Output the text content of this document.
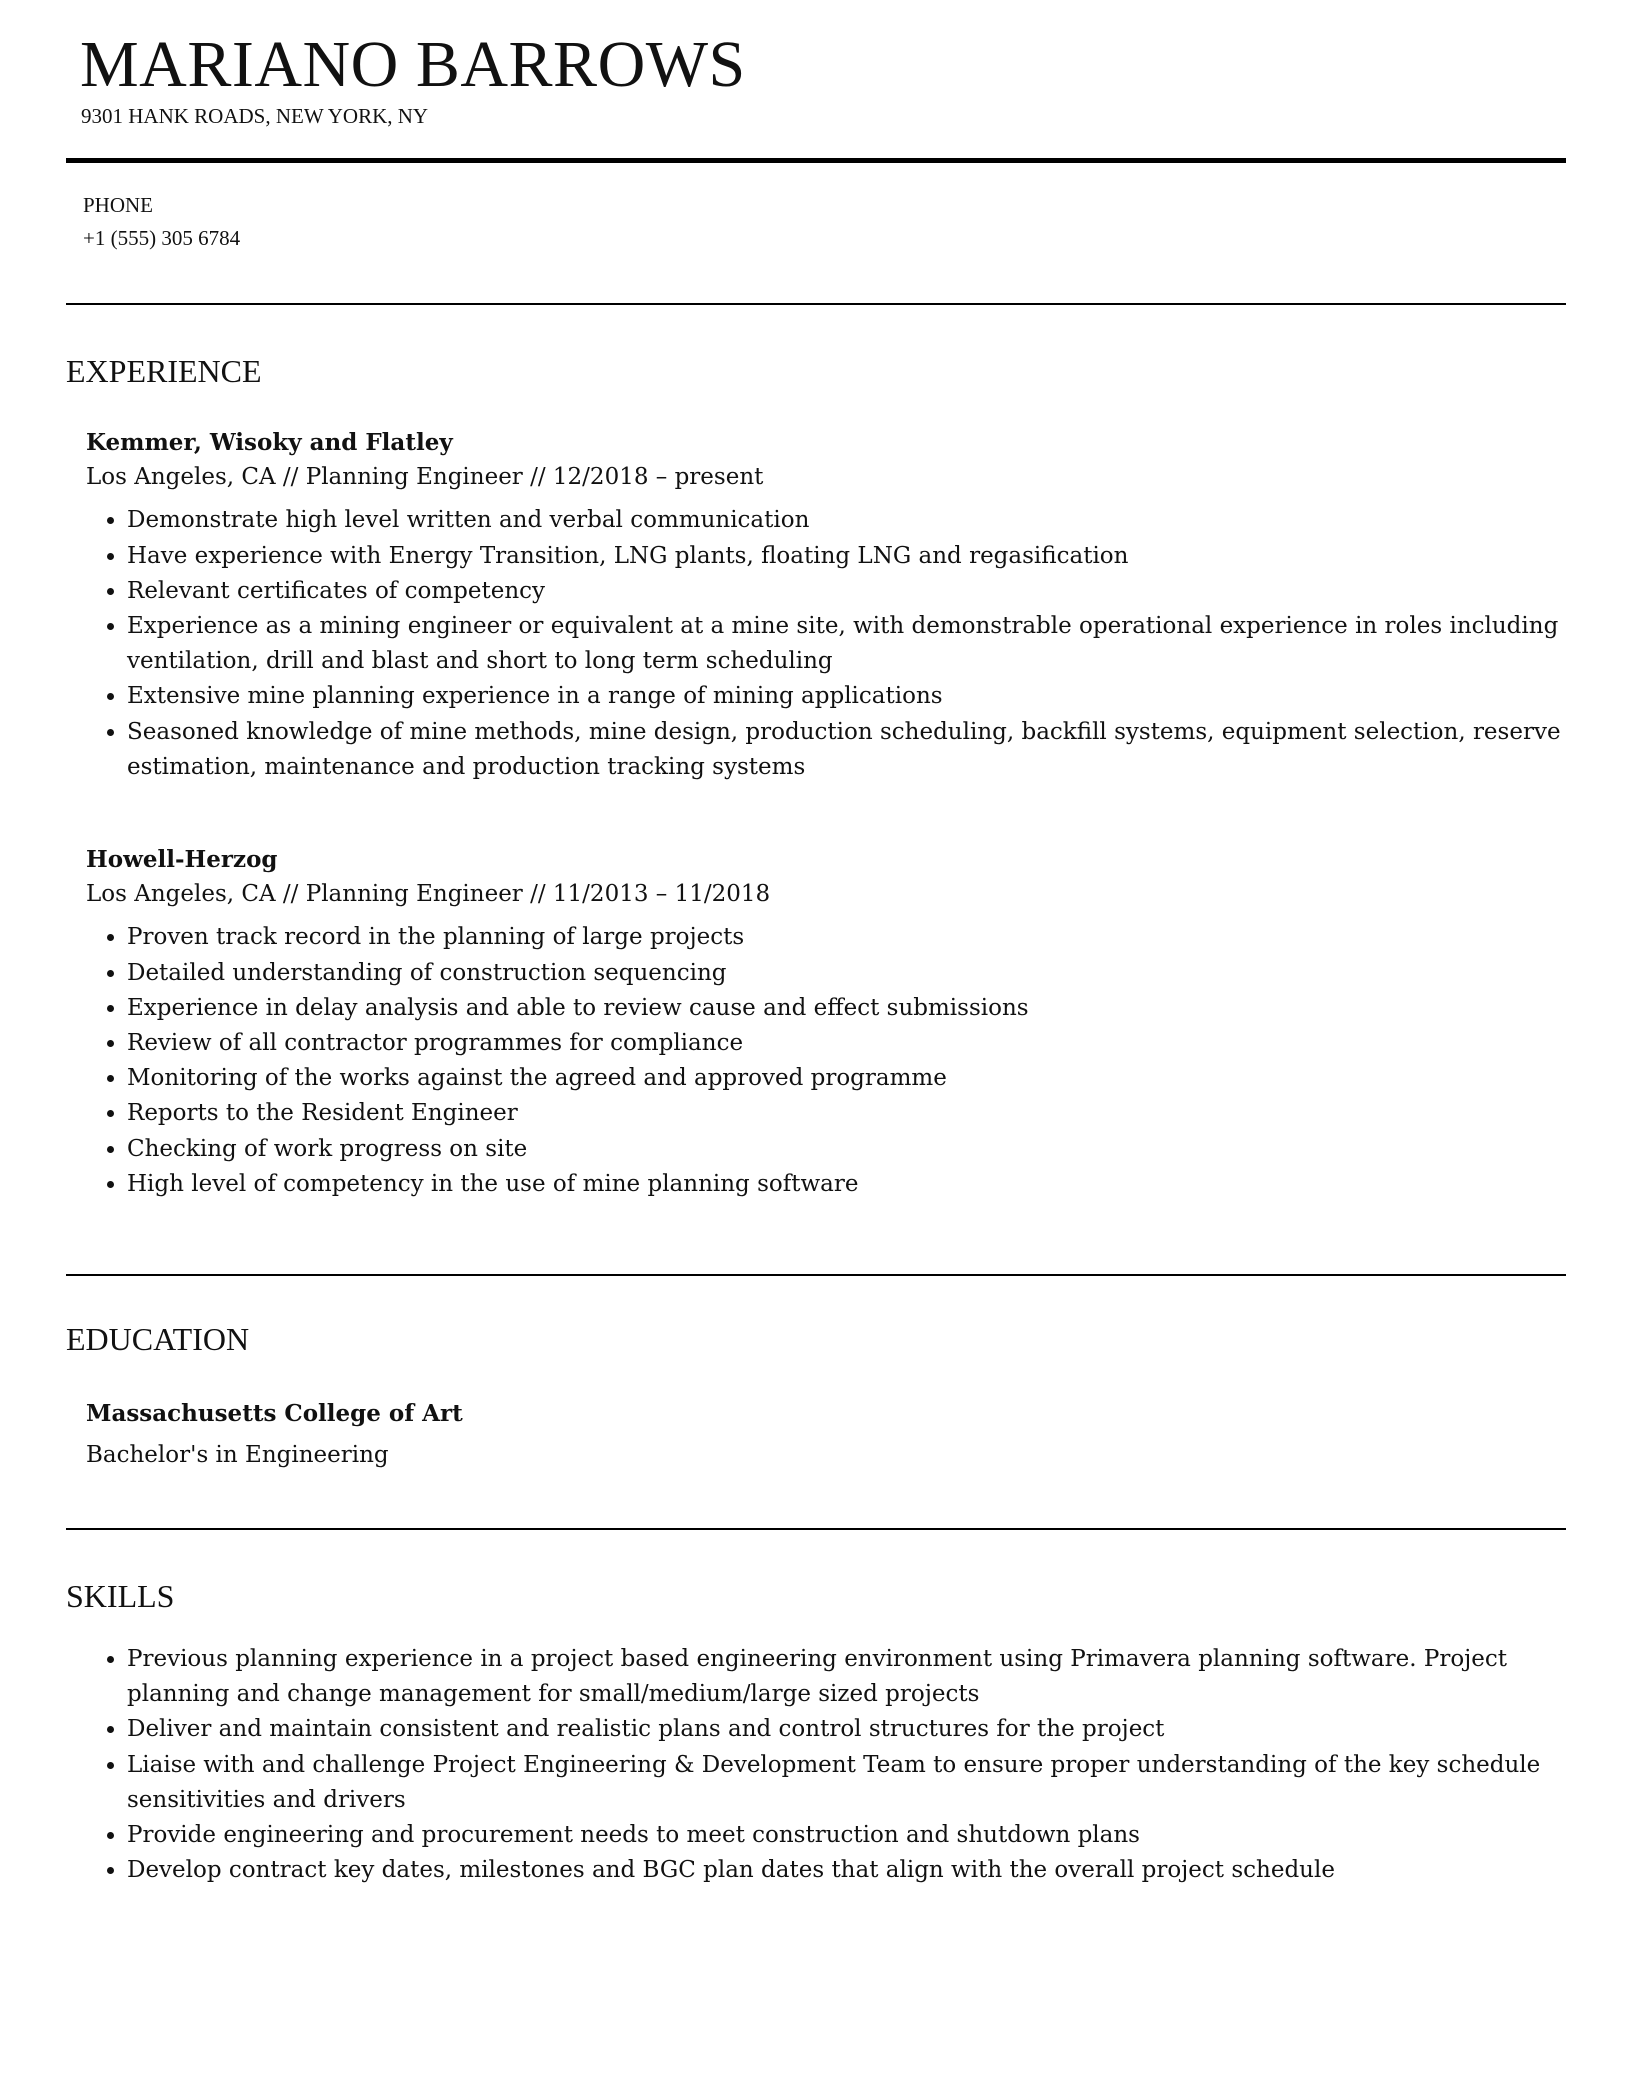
MARIANO BARROWS
9301 HANK ROADS, NEW YORK, NY
PHONE
+1 (555) 305 6784
EXPERIENCE
Kemmer, Wisoky and Flatley
Los Angeles, CA // Planning Engineer // 12/2018 – present
• Demonstrate high level written and verbal communication
• Have experience with Energy Transition, LNG plants, floating LNG and regasification
• Relevant certificates of competency
• Experience as a mining engineer or equivalent at a mine site, with demonstrable operational experience in roles including ventilation, drill and blast and short to long term scheduling
• Extensive mine planning experience in a range of mining applications
• Seasoned knowledge of mine methods, mine design, production scheduling, backfill systems, equipment selection, reserve estimation, maintenance and production tracking systems
Howell-Herzog
Los Angeles, CA // Planning Engineer // 11/2013 – 11/2018
• Proven track record in the planning of large projects
• Detailed understanding of construction sequencing
• Experience in delay analysis and able to review cause and effect submissions
• Review of all contractor programmes for compliance
• Monitoring of the works against the agreed and approved programme
• Reports to the Resident Engineer
• Checking of work progress on site
• High level of competency in the use of mine planning software
EDUCATION
Massachusetts College of Art
Bachelor's in Engineering
SKILLS
• Previous planning experience in a project based engineering environment using Primavera planning software. Project planning and change management for small/medium/large sized projects
• Deliver and maintain consistent and realistic plans and control structures for the project
• Liaise with and challenge Project Engineering & Development Team to ensure proper understanding of the key schedule sensitivities and drivers
• Provide engineering and procurement needs to meet construction and shutdown plans
• Develop contract key dates, milestones and BGC plan dates that align with the overall project schedule
